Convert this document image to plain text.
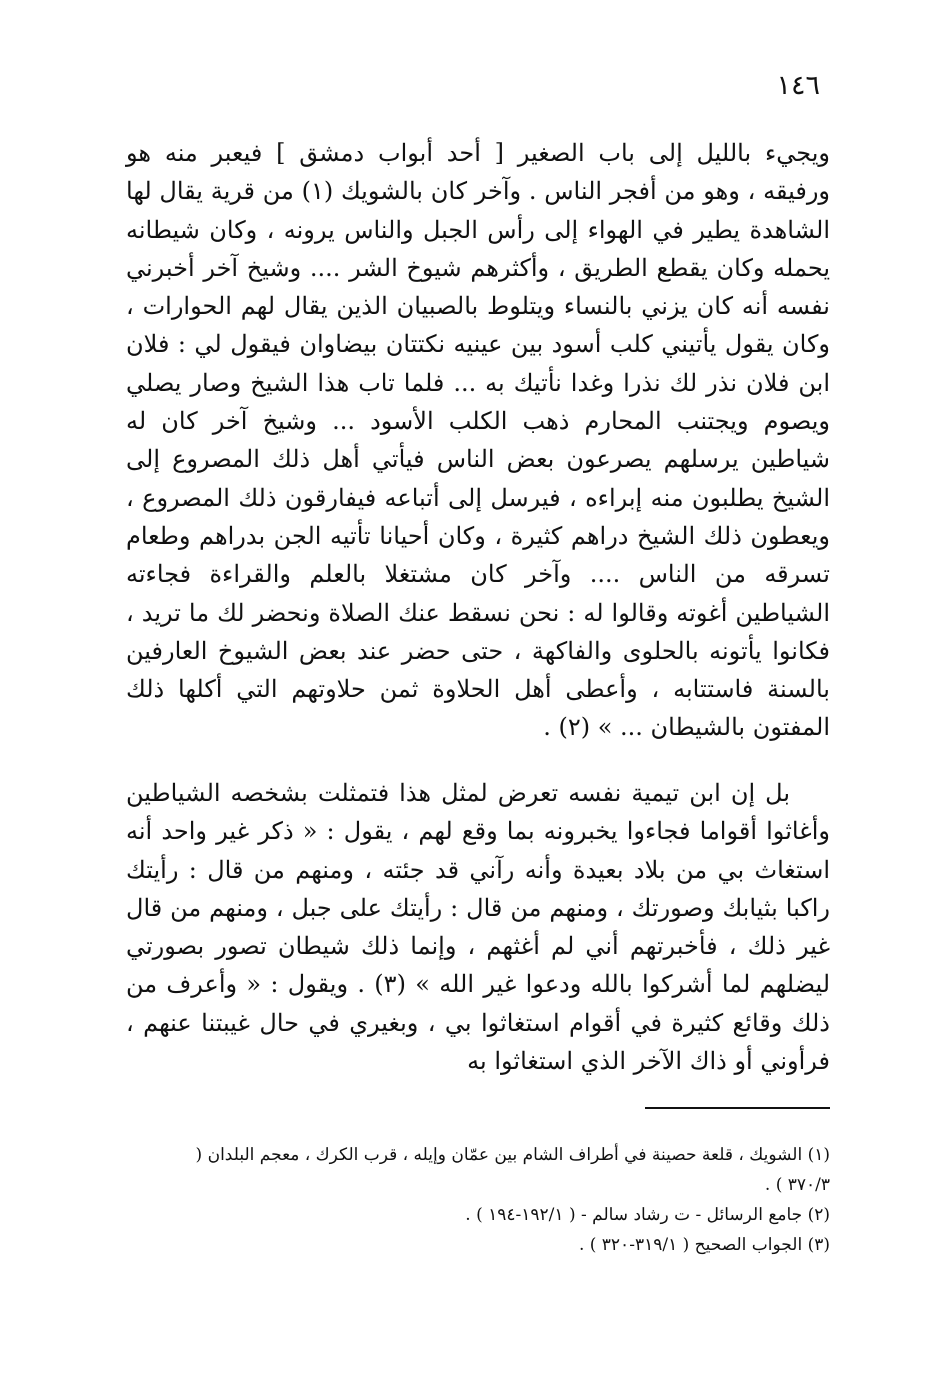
١٤٦
ويجيء بالليل إلى باب الصغير [ أحد أبواب دمشق ] فيعبر منه هو ورفيقه ، وهو من أفجر الناس . وآخر كان بالشويك (١) من قرية يقال لها الشاهدة يطير في الهواء إلى رأس الجبل والناس يرونه ، وكان شيطانه يحمله وكان يقطع الطريق ، وأكثرهم شيوخ الشر .... وشيخ آخر أخبرني نفسه أنه كان يزني بالنساء ويتلوط بالصبيان الذين يقال لهم الحوارات ، وكان يقول يأتيني كلب أسود بين عينيه نكتتان بيضاوان فيقول لي : فلان ابن فلان نذر لك نذرا وغدا نأتيك به ... فلما تاب هذا الشيخ وصار يصلي ويصوم ويجتنب المحارم ذهب الكلب الأسود ... وشيخ آخر كان له شياطين يرسلهم يصرعون بعض الناس فيأتي أهل ذلك المصروع إلى الشيخ يطلبون منه إبراءه ، فيرسل إلى أتباعه فيفارقون ذلك المصروع ، ويعطون ذلك الشيخ دراهم كثيرة ، وكان أحيانا تأتيه الجن بدراهم وطعام تسرقه من الناس .... وآخر كان مشتغلا بالعلم والقراءة فجاءته الشياطين أغوته وقالوا له : نحن نسقط عنك الصلاة ونحضر لك ما تريد ، فكانوا يأتونه بالحلوى والفاكهة ، حتى حضر عند بعض الشيوخ العارفين بالسنة فاستتابه ، وأعطى أهل الحلاوة ثمن حلاوتهم التي أكلها ذلك المفتون بالشيطان ... » (٢) .
بل إن ابن تيمية نفسه تعرض لمثل هذا فتمثلت بشخصه الشياطين وأغاثوا أقواما فجاءوا يخبرونه بما وقع لهم ، يقول : « ذكر غير واحد أنه استغاث بي من بلاد بعيدة وأنه رآني قد جئته ، ومنهم من قال : رأيتك راكبا بثيابك وصورتك ، ومنهم من قال : رأيتك على جبل ، ومنهم من قال غير ذلك ، فأخبرتهم أني لم أغثهم ، وإنما ذلك شيطان تصور بصورتي ليضلهم لما أشركوا بالله ودعوا غير الله » (٣) . ويقول : « وأعرف من ذلك وقائع كثيرة في أقوام استغاثوا بي ، وبغيري في حال غيبتنا عنهم ، فرأوني أو ذاك الآخر الذي استغاثوا به
(١) الشويك ، قلعة حصينة في أطراف الشام بين عمّان وإيله ، قرب الكرك ، معجم البلدان ( ٣٧٠/٣ ) .
(٢) جامع الرسائل - ت رشاد سالم - ( ١٩٢/١-١٩٤ ) .
(٣) الجواب الصحيح ( ٣١٩/١-٣٢٠ ) .
